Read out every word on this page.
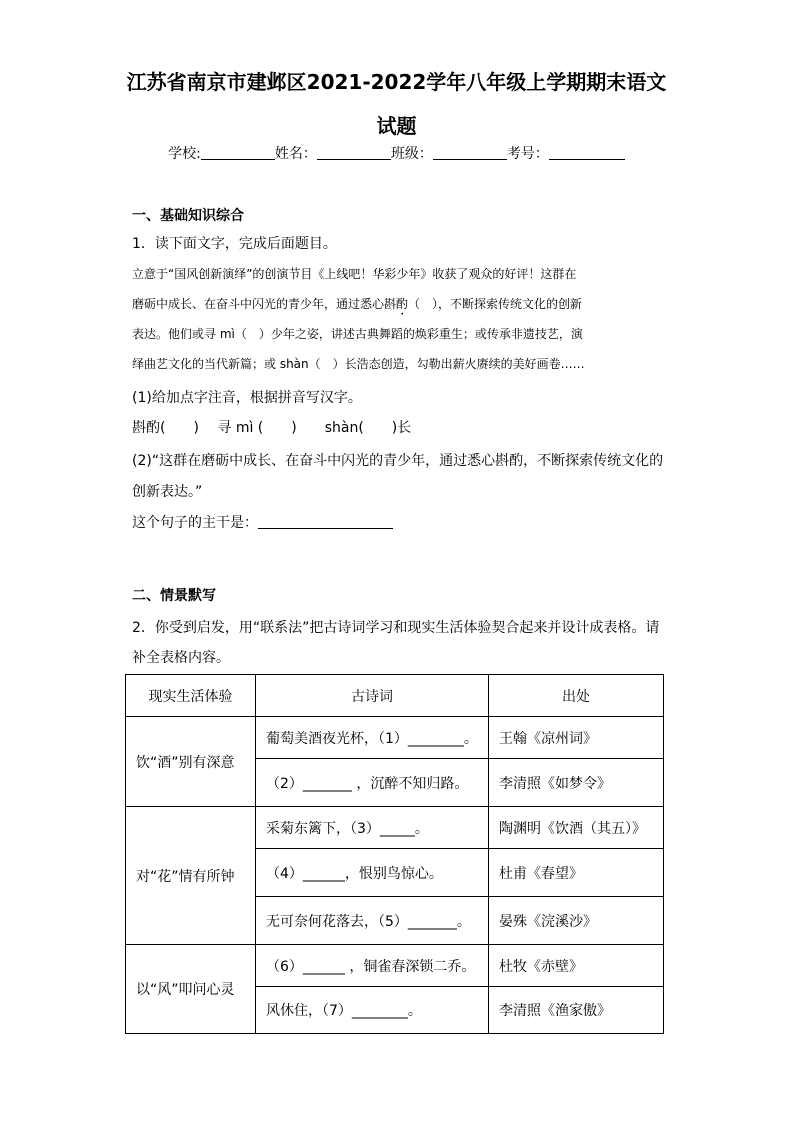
江苏省南京市建邺区2021-2022学年八年级上学期期末语文
试题
学校:	姓名：	班级：	考号：
一、基础知识综合
1．读下面文字，完成后面题目。
立意于“国风创新演绎”的创演节目《上线吧！华彩少年》收获了观众的好评！这群在
磨砺中成长、在奋斗中闪光的青少年，通过悉心斟酌（　），不断探索传统文化的创新
表达。他们或寻 mì（　）少年之姿，讲述古典舞蹈的焕彩重生；或传承非遗技艺，演
绎曲艺文化的当代新篇；或 shàn（　）长浩态创造，勾勒出薪火赓续的美好画卷……
(1)给加点字注音，根据拼音写汉字。
斟酌(　　)　 寻 mì (　　)　　shàn(　　)长
(2)“这群在磨砺中成长、在奋斗中闪光的青少年，通过悉心斟酌，不断探索传统文化的
创新表达。”
这个句子的主干是：
二、情景默写
2．你受到启发，用“联系法”把古诗词学习和现实生活体验契合起来并设计成表格。请
补全表格内容。
现实生活体验	古诗词	出处
饮“酒”别有深意	葡萄美酒夜光杯，（1）________。	王翰《凉州词》
	（2）_______ ，沉醉不知归路。	李清照《如梦令》
对“花”情有所钟	采菊东篱下，（3）_____。	陶渊明《饮酒（其五）》
	（4）______，恨别鸟惊心。	杜甫《春望》
	无可奈何花落去，（5）_______。	晏殊《浣溪沙》
以“风”叩问心灵	（6）______ ，铜雀春深锁二乔。	杜牧《赤壁》
	风休住，（7）________。	李清照《渔家傲》
